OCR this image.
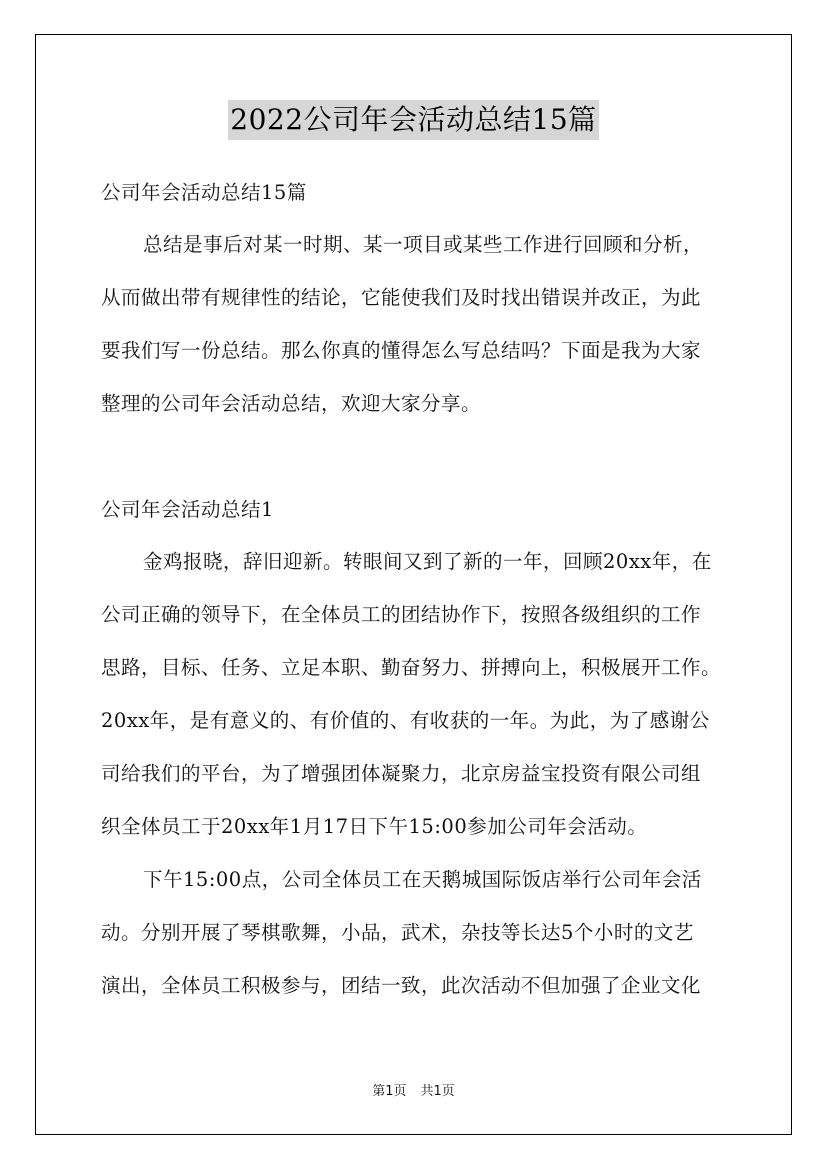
2022公司年会活动总结15篇
公司年会活动总结15篇
总结是事后对某一时期、某一项目或某些工作进行回顾和分析，
从而做出带有规律性的结论，它能使我们及时找出错误并改正，为此
要我们写一份总结。那么你真的懂得怎么写总结吗？下面是我为大家
整理的公司年会活动总结，欢迎大家分享。
公司年会活动总结1
金鸡报晓，辞旧迎新。转眼间又到了新的一年，回顾20xx年，在
公司正确的领导下，在全体员工的团结协作下，按照各级组织的工作
思路，目标、任务、立足本职、勤奋努力、拼搏向上，积极展开工作。
20xx年，是有意义的、有价值的、有收获的一年。为此，为了感谢公
司给我们的平台，为了增强团体凝聚力，北京房益宝投资有限公司组
织全体员工于20xx年1月17日下午15:00参加公司年会活动。
下午15:00点，公司全体员工在天鹅城国际饭店举行公司年会活
动。分别开展了琴棋歌舞，小品，武术，杂技等长达5个小时的文艺
演出，全体员工积极参与，团结一致，此次活动不但加强了企业文化
第1页 共1页
